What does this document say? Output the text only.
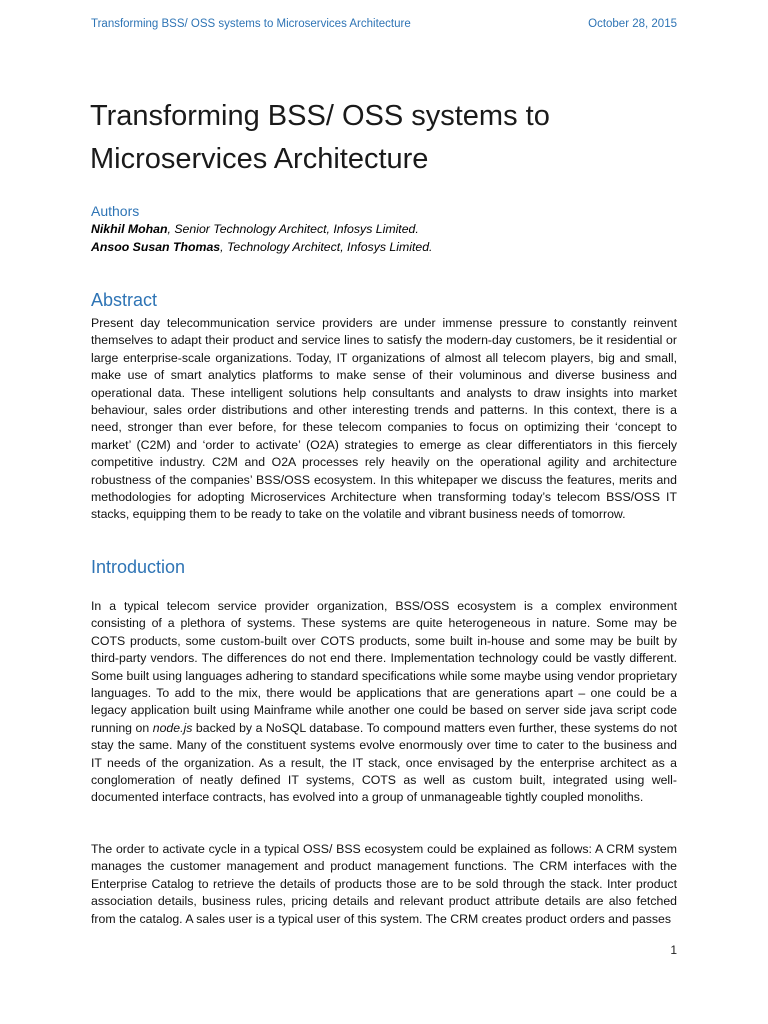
Transforming BSS/ OSS systems to Microservices Architecture	October 28, 2015
Transforming BSS/ OSS systems to
Microservices Architecture
Authors
Nikhil Mohan, Senior Technology Architect, Infosys Limited.
Ansoo Susan Thomas, Technology Architect, Infosys Limited.
Abstract

Present day telecommunication service providers are under immense pressure to constantly reinvent themselves to adapt their product and service lines to satisfy the modern-day customers, be it residential or large enterprise-scale organizations. Today, IT organizations of almost all telecom players, big and small, make use of smart analytics platforms to make sense of their voluminous and diverse business and operational data. These intelligent solutions help consultants and analysts to draw insights into market behaviour, sales order distributions and other interesting trends and patterns. In this context, there is a need, stronger than ever before, for these telecom companies to focus on optimizing their ‘concept to market’ (C2M) and ‘order to activate’ (O2A) strategies to emerge as clear differentiators in this fiercely competitive industry. C2M and O2A processes rely heavily on the operational agility and architecture robustness of the companies’ BSS/OSS ecosystem. In this whitepaper we discuss the features, merits and methodologies for adopting Microservices Architecture when transforming today’s telecom BSS/OSS IT stacks, equipping them to be ready to take on the volatile and vibrant business needs of tomorrow.

Introduction

In a typical telecom service provider organization, BSS/OSS ecosystem is a complex environment consisting of a plethora of systems. These systems are quite heterogeneous in nature. Some may be COTS products, some custom-built over COTS products, some built in-house and some may be built by third-party vendors. The differences do not end there. Implementation technology could be vastly different. Some built using languages adhering to standard specifications while some maybe using vendor proprietary languages. To add to the mix, there would be applications that are generations apart – one could be a legacy application built using Mainframe while another one could be based on server side java script code running on node.js backed by a NoSQL database. To compound matters even further, these systems do not stay the same. Many of the constituent systems evolve enormously over time to cater to the business and IT needs of the organization. As a result, the IT stack, once envisaged by the enterprise architect as a conglomeration of neatly defined IT systems, COTS as well as custom built, integrated using well-documented interface contracts, has evolved into a group of unmanageable tightly coupled monoliths.

The order to activate cycle in a typical OSS/ BSS ecosystem could be explained as follows: A CRM system manages the customer management and product management functions. The CRM interfaces with the Enterprise Catalog to retrieve the details of products those are to be sold through the stack. Inter product association details, business rules, pricing details and relevant product attribute details are also fetched from the catalog. A sales user is a typical user of this system. The CRM creates product orders and passes

1
